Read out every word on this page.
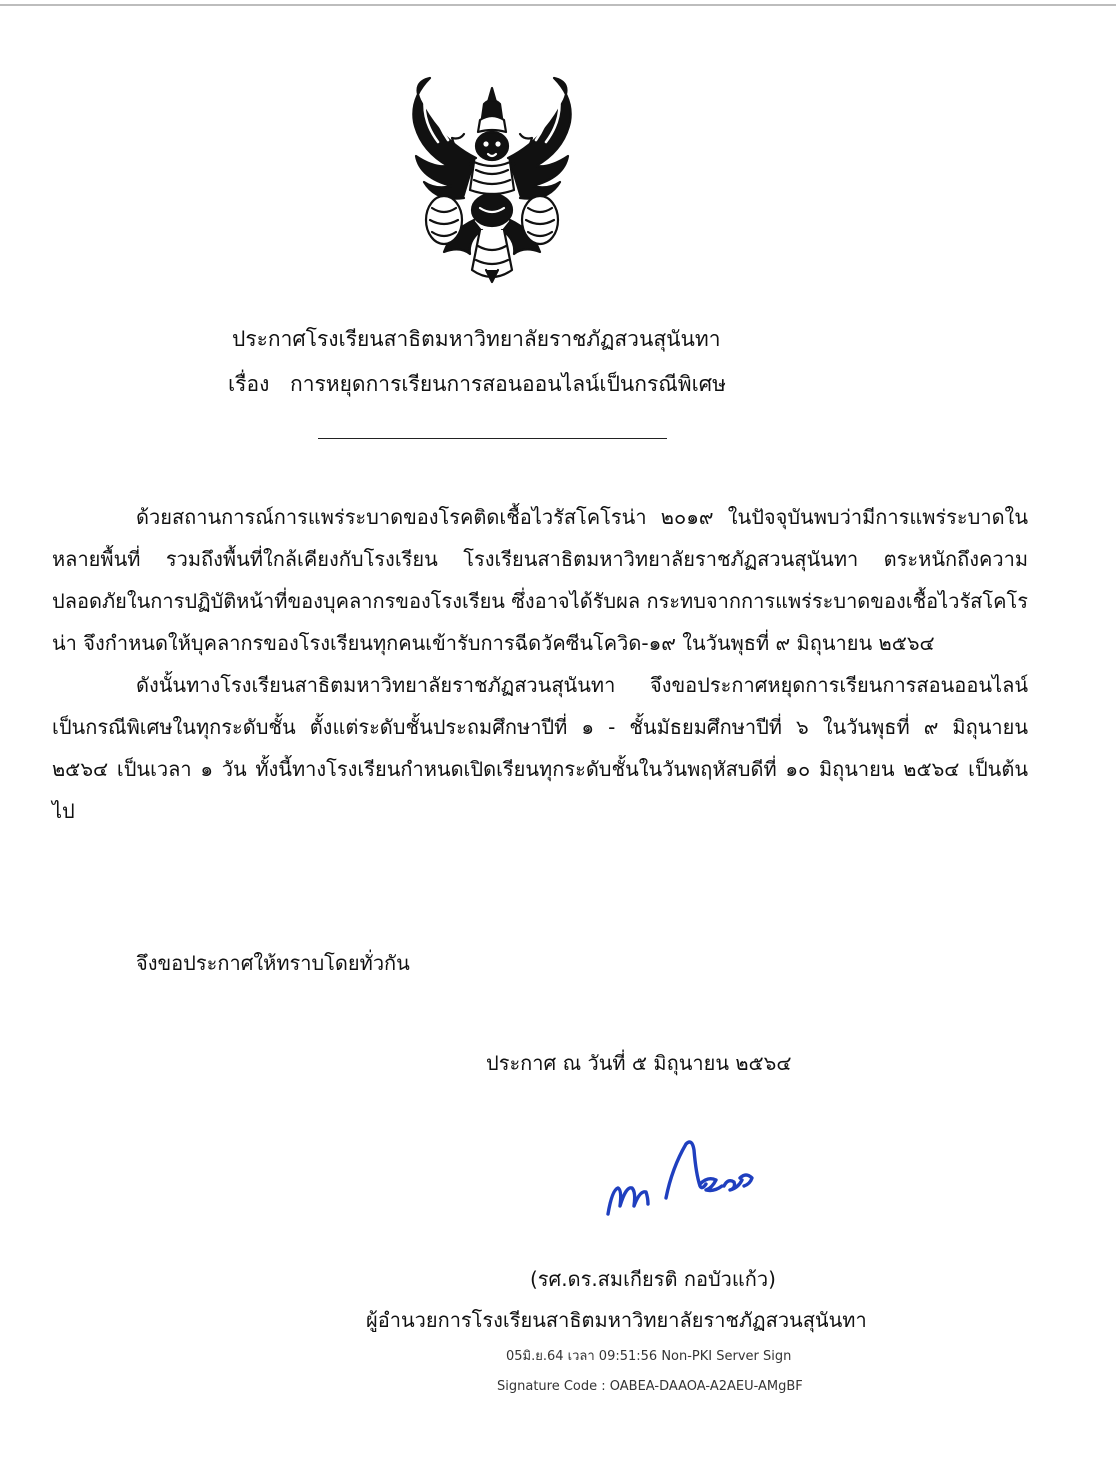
ประกาศโรงเรียนสาธิตมหาวิทยาลัยราชภัฏสวนสุนันทา
เรื่อง การหยุดการเรียนการสอนออนไลน์เป็นกรณีพิเศษ

ด้วยสถานการณ์การแพร่ระบาดของโรคติดเชื้อไวรัสโคโรน่า ๒๐๑๙ ในปัจจุบันพบว่ามีการแพร่ระบาดในหลายพื้นที่ รวมถึงพื้นที่ใกล้เคียงกับโรงเรียน โรงเรียนสาธิตมหาวิทยาลัยราชภัฏสวนสุนันทา ตระหนักถึงความปลอดภัยในการปฏิบัติหน้าที่ของบุคลากรของโรงเรียน ซึ่งอาจได้รับผล กระทบจากการแพร่ระบาดของเชื้อไวรัสโคโรน่า จึงกำหนดให้บุคลากรของโรงเรียนทุกคนเข้ารับการฉีดวัคซีนโควิด-๑๙ ในวันพุธที่ ๙ มิถุนายน ๒๕๖๔

ดังนั้นทางโรงเรียนสาธิตมหาวิทยาลัยราชภัฏสวนสุนันทา จึงขอประกาศหยุดการเรียนการสอนออนไลน์เป็นกรณีพิเศษในทุกระดับชั้น ตั้งแต่ระดับชั้นประถมศึกษาปีที่ ๑ - ชั้นมัธยมศึกษาปีที่ ๖ ในวันพุธที่ ๙ มิถุนายน ๒๕๖๔ เป็นเวลา ๑ วัน ทั้งนี้ทางโรงเรียนกำหนดเปิดเรียนทุกระดับชั้นในวันพฤหัสบดีที่ ๑๐ มิถุนายน ๒๕๖๔ เป็นต้นไป

จึงขอประกาศให้ทราบโดยทั่วกัน
ประกาศ ณ วันที่ ๕ มิถุนายน ๒๕๖๔
(รศ.ดร.สมเกียรติ กอบัวแก้ว)
ผู้อำนวยการโรงเรียนสาธิตมหาวิทยาลัยราชภัฏสวนสุนันทา
05มิ.ย.64 เวลา 09:51:56 Non-PKI Server Sign
Signature Code : OABEA-DAAOA-A2AEU-AMgBF
